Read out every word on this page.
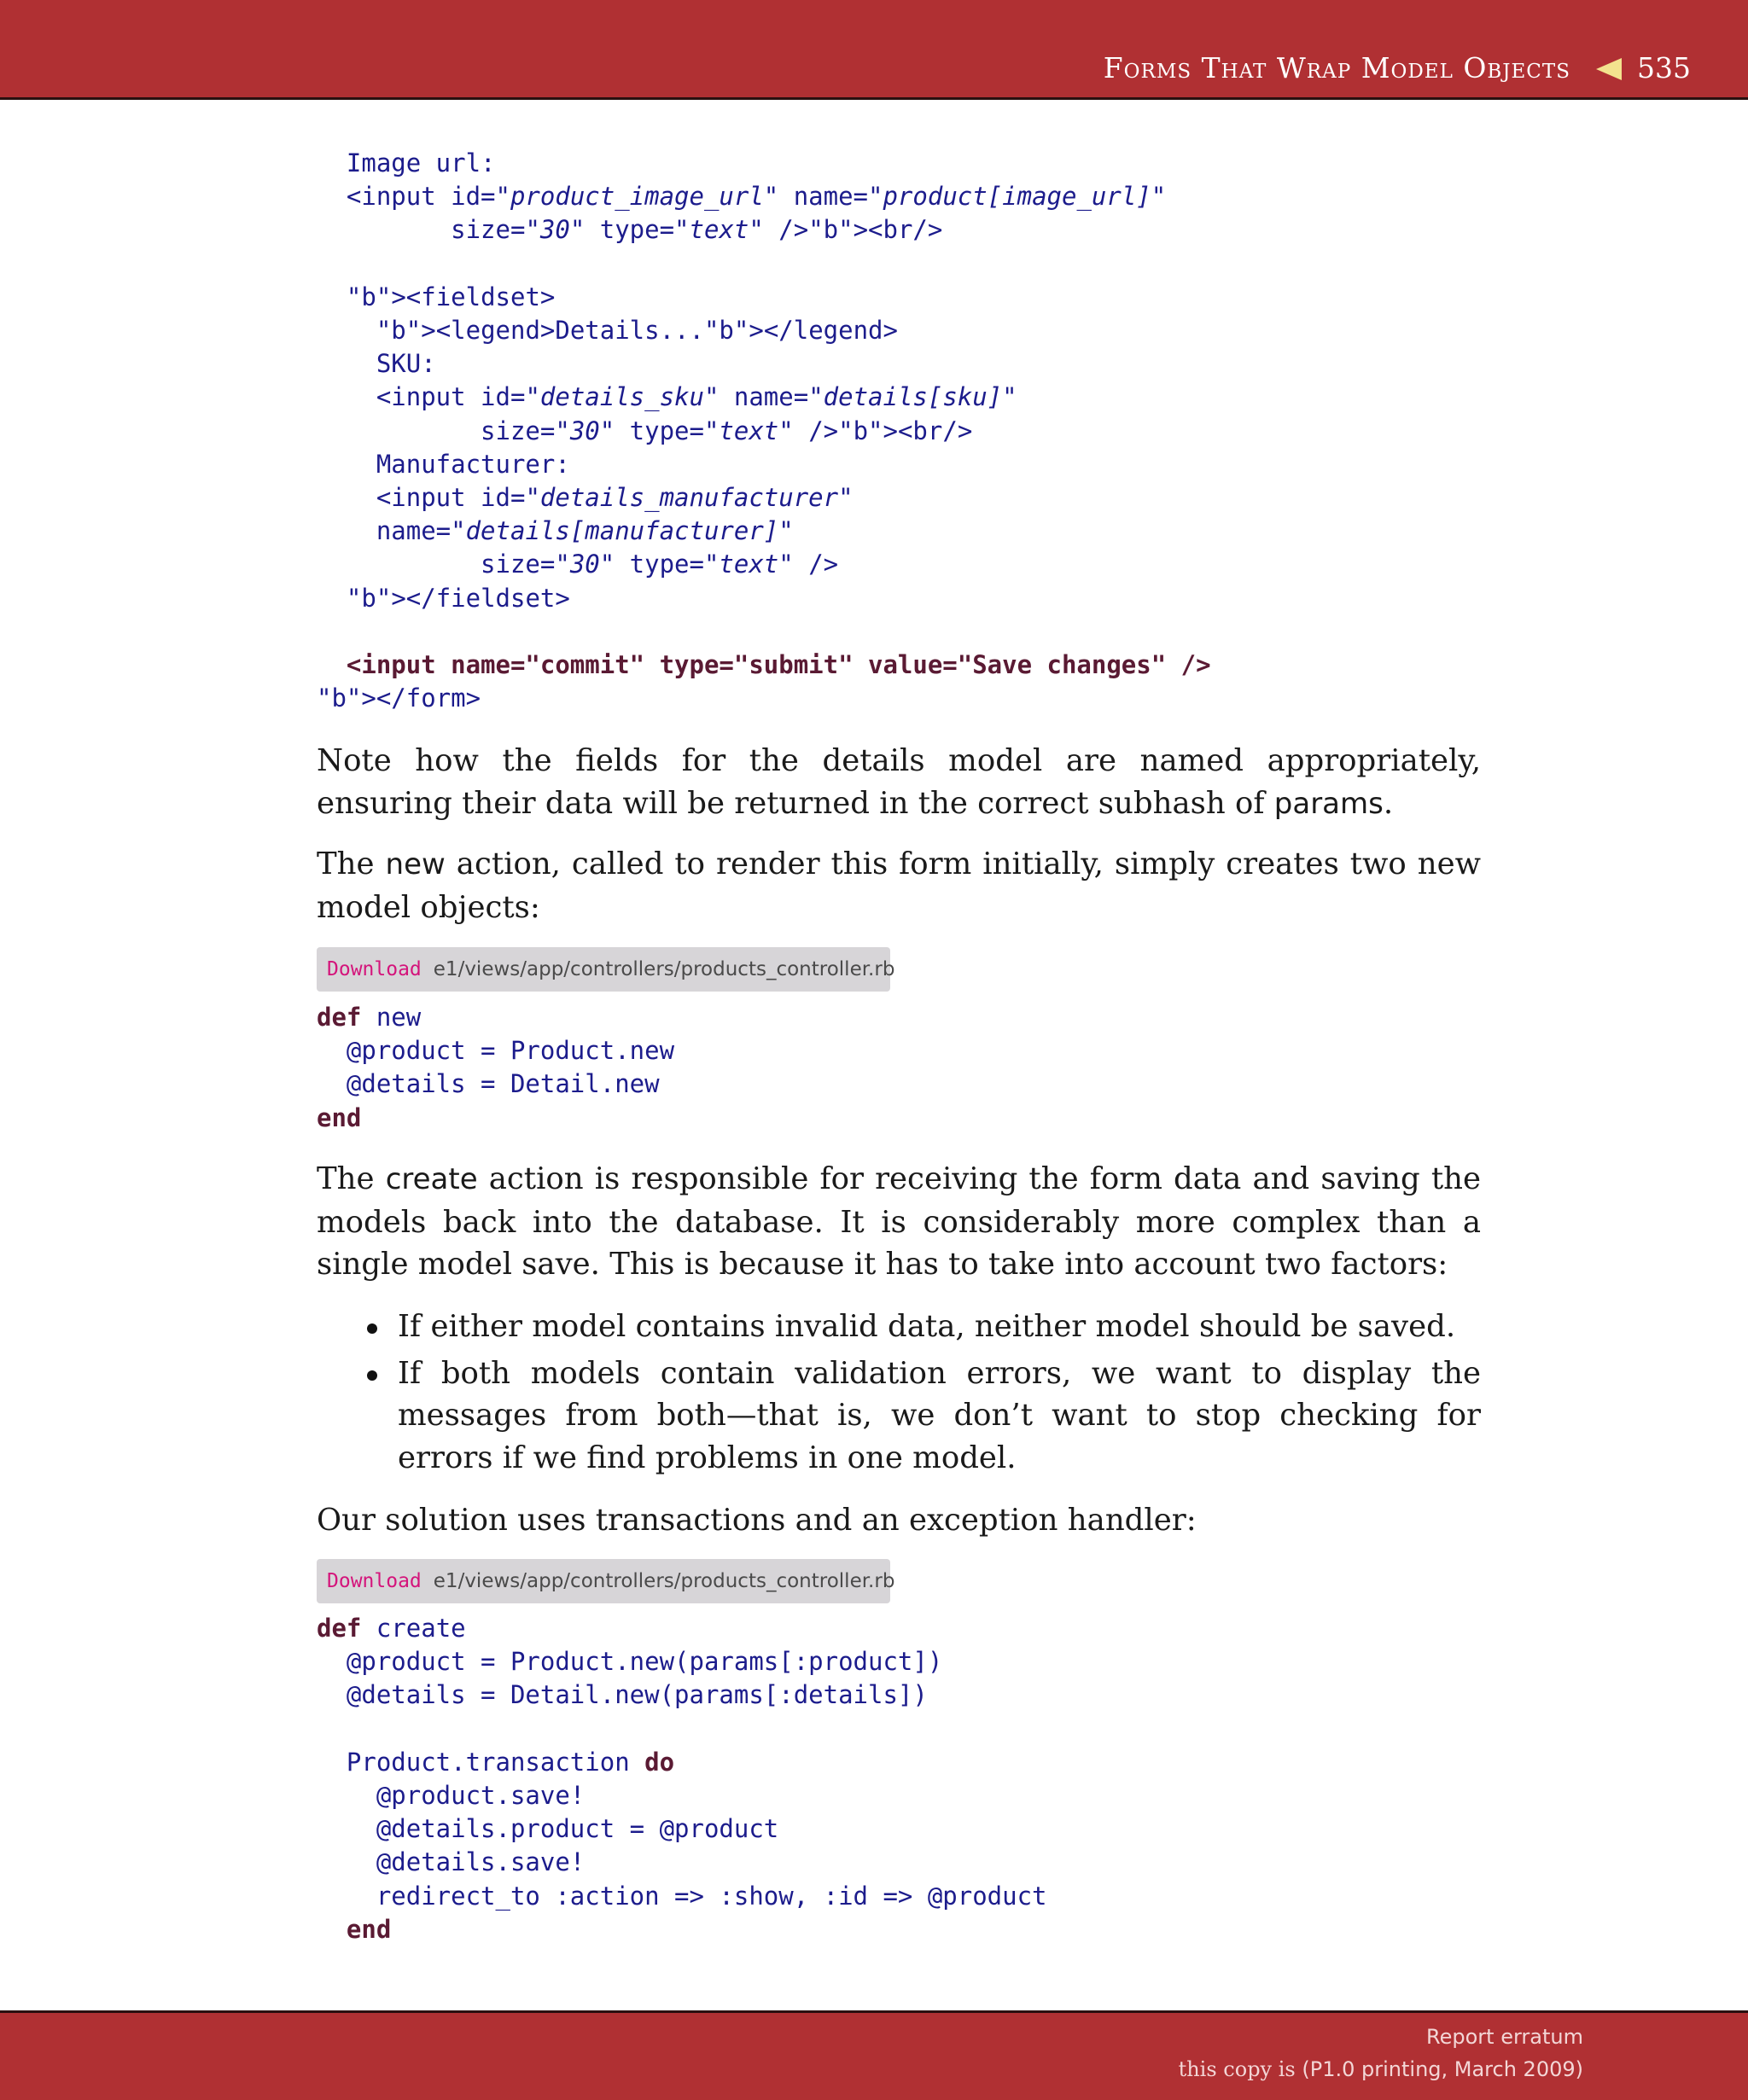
Forms That Wrap Model Objects 535
Image url:
<input id="product_image_url" name="product[image_url]"
size="30" type="text" />"b"><br/>
"b"><fieldset>
"b"><legend>Details..."b"></legend>
SKU:
<input id="details_sku" name="details[sku]"
size="30" type="text" />"b"><br/>
Manufacturer:
<input id="details_manufacturer"
name="details[manufacturer]"
size="30" type="text" />
"b"></fieldset>
<input name="commit" type="submit" value="Save changes" />
"b"></form>

Note how the fields for the details model are named appropriately, ensuring their data will be returned in the correct subhash of params.

The new action, called to render this form initially, simply creates two new model objects:

Download e1/views/app/controllers/products_controller.rb
def new
@product = Product.new
@details = Detail.new
end

The create action is responsible for receiving the form data and saving the models back into the database. It is considerably more complex than a single model save. This is because it has to take into account two factors:

If either model contains invalid data, neither model should be saved.
If both models contain validation errors, we want to display the messages from both—that is, we don’t want to stop checking for errors if we find problems in one model.

Our solution uses transactions and an exception handler:

Download e1/views/app/controllers/products_controller.rb
def create
@product = Product.new(params[:product])
@details = Detail.new(params[:details])
Product.transaction do
@product.save!
@details.product = @product
@details.save!
redirect_to :action => :show, :id => @product
end
Report erratum
this copy is (P1.0 printing, March 2009)
